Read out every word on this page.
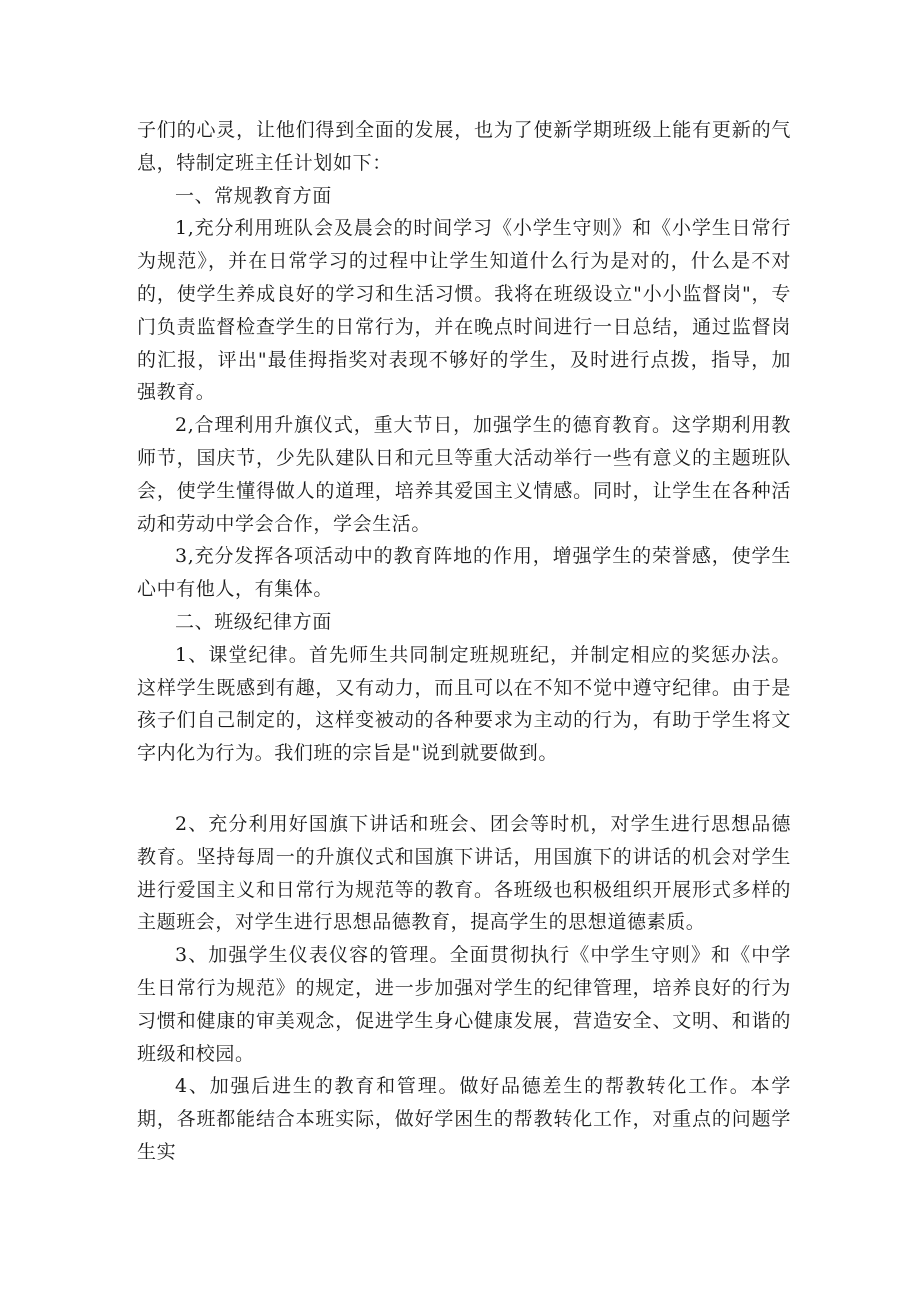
子们的心灵，让他们得到全面的发展，也为了使新学期班级上能有更新的气息，特制定班主任计划如下：

一、常规教育方面

1,充分利用班队会及晨会的时间学习《小学生守则》和《小学生日常行为规范》，并在日常学习的过程中让学生知道什么行为是对的，什么是不对的，使学生养成良好的学习和生活习惯。我将在班级设立"小小监督岗"，专门负责监督检查学生的日常行为，并在晚点时间进行一日总结，通过监督岗的汇报，评出"最佳拇指奖对表现不够好的学生，及时进行点拨，指导，加强教育。

2,合理利用升旗仪式，重大节日，加强学生的德育教育。这学期利用教师节，国庆节，少先队建队日和元旦等重大活动举行一些有意义的主题班队会，使学生懂得做人的道理，培养其爱国主义情感。同时，让学生在各种活动和劳动中学会合作，学会生活。

3,充分发挥各项活动中的教育阵地的作用，增强学生的荣誉感，使学生心中有他人，有集体。

二、班级纪律方面

1、课堂纪律。首先师生共同制定班规班纪，并制定相应的奖惩办法。这样学生既感到有趣，又有动力，而且可以在不知不觉中遵守纪律。由于是孩子们自己制定的，这样变被动的各种要求为主动的行为，有助于学生将文字内化为行为。我们班的宗旨是"说到就要做到。

2、充分利用好国旗下讲话和班会、团会等时机，对学生进行思想品德教育。坚持每周一的升旗仪式和国旗下讲话，用国旗下的讲话的机会对学生进行爱国主义和日常行为规范等的教育。各班级也积极组织开展形式多样的主题班会，对学生进行思想品德教育，提高学生的思想道德素质。

3、加强学生仪表仪容的管理。全面贯彻执行《中学生守则》和《中学生日常行为规范》的规定，进一步加强对学生的纪律管理，培养良好的行为习惯和健康的审美观念，促进学生身心健康发展，营造安全、文明、和谐的班级和校园。

4、加强后进生的教育和管理。做好品德差生的帮教转化工作。本学期，各班都能结合本班实际，做好学困生的帮教转化工作，对重点的问题学生实
